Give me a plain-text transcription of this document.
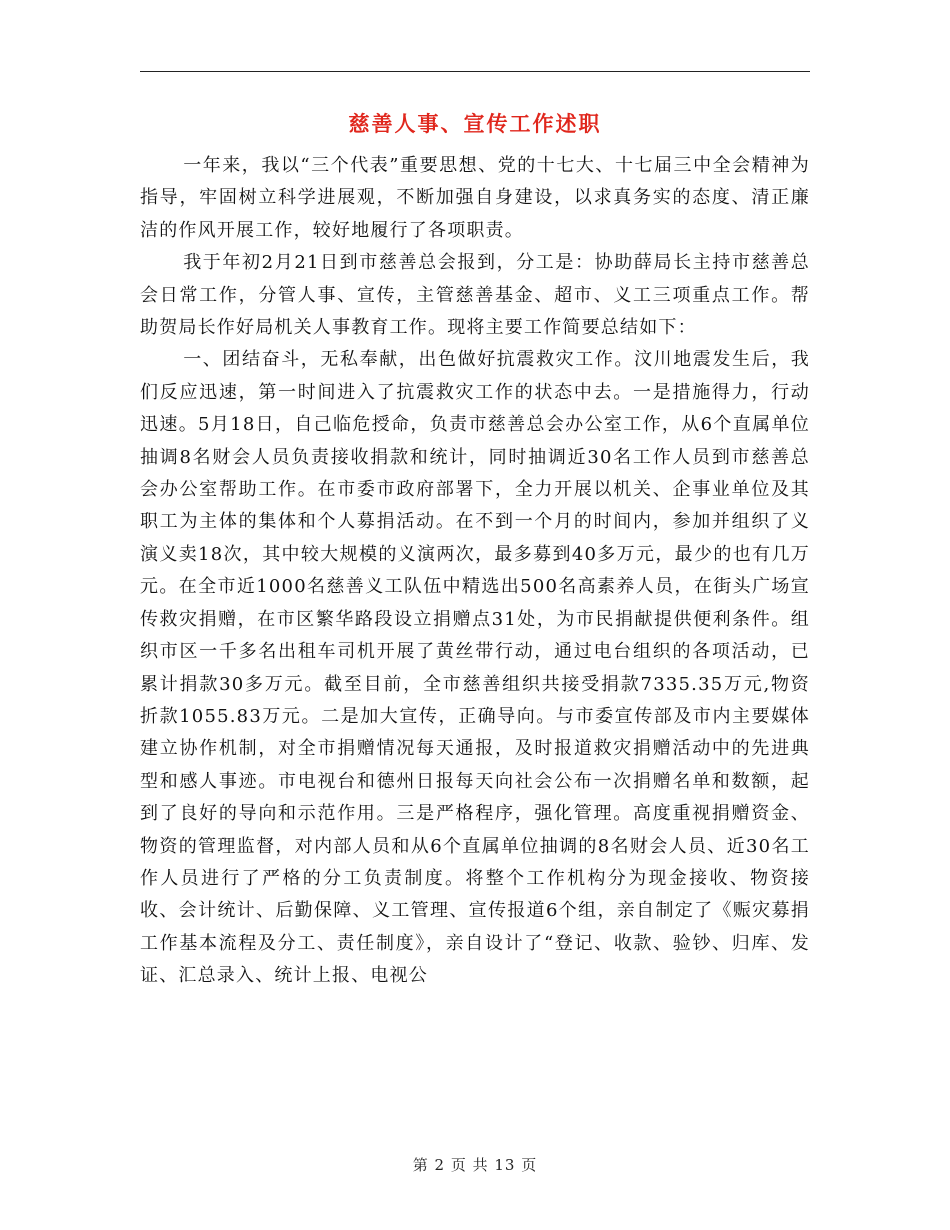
慈善人事、宣传工作述职

一年来，我以“三个代表”重要思想、党的十七大、十七届三中全会精神为指导，牢固树立科学进展观，不断加强自身建设，以求真务实的态度、清正廉洁的作风开展工作，较好地履行了各项职责。

我于年初2月21日到市慈善总会报到，分工是：协助薛局长主持市慈善总会日常工作，分管人事、宣传，主管慈善基金、超市、义工三项重点工作。帮助贺局长作好局机关人事教育工作。现将主要工作简要总结如下：

一、团结奋斗，无私奉献，出色做好抗震救灾工作。汶川地震发生后，我们反应迅速，第一时间进入了抗震救灾工作的状态中去。一是措施得力，行动迅速。5月18日，自己临危授命，负责市慈善总会办公室工作，从6个直属单位抽调8名财会人员负责接收捐款和统计，同时抽调近30名工作人员到市慈善总会办公室帮助工作。在市委市政府部署下，全力开展以机关、企事业单位及其职工为主体的集体和个人募捐活动。在不到一个月的时间内，参加并组织了义演义卖18次，其中较大规模的义演两次，最多募到40多万元，最少的也有几万元。在全市近1000名慈善义工队伍中精选出500名高素养人员，在街头广场宣传救灾捐赠，在市区繁华路段设立捐赠点31处，为市民捐献提供便利条件。组织市区一千多名出租车司机开展了黄丝带行动，通过电台组织的各项活动，已累计捐款30多万元。截至目前，全市慈善组织共接受捐款7335.35万元,物资折款1055.83万元。二是加大宣传，正确导向。与市委宣传部及市内主要媒体建立协作机制，对全市捐赠情况每天通报，及时报道救灾捐赠活动中的先进典型和感人事迹。市电视台和德州日报每天向社会公布一次捐赠名单和数额，起到了良好的导向和示范作用。三是严格程序，强化管理。高度重视捐赠资金、物资的管理监督，对内部人员和从6个直属单位抽调的8名财会人员、近30名工作人员进行了严格的分工负责制度。将整个工作机构分为现金接收、物资接收、会计统计、后勤保障、义工管理、宣传报道6个组，亲自制定了《赈灾募捐工作基本流程及分工、责任制度》，亲自设计了“登记、收款、验钞、归库、发证、汇总录入、统计上报、电视公

第 2 页 共 13 页
